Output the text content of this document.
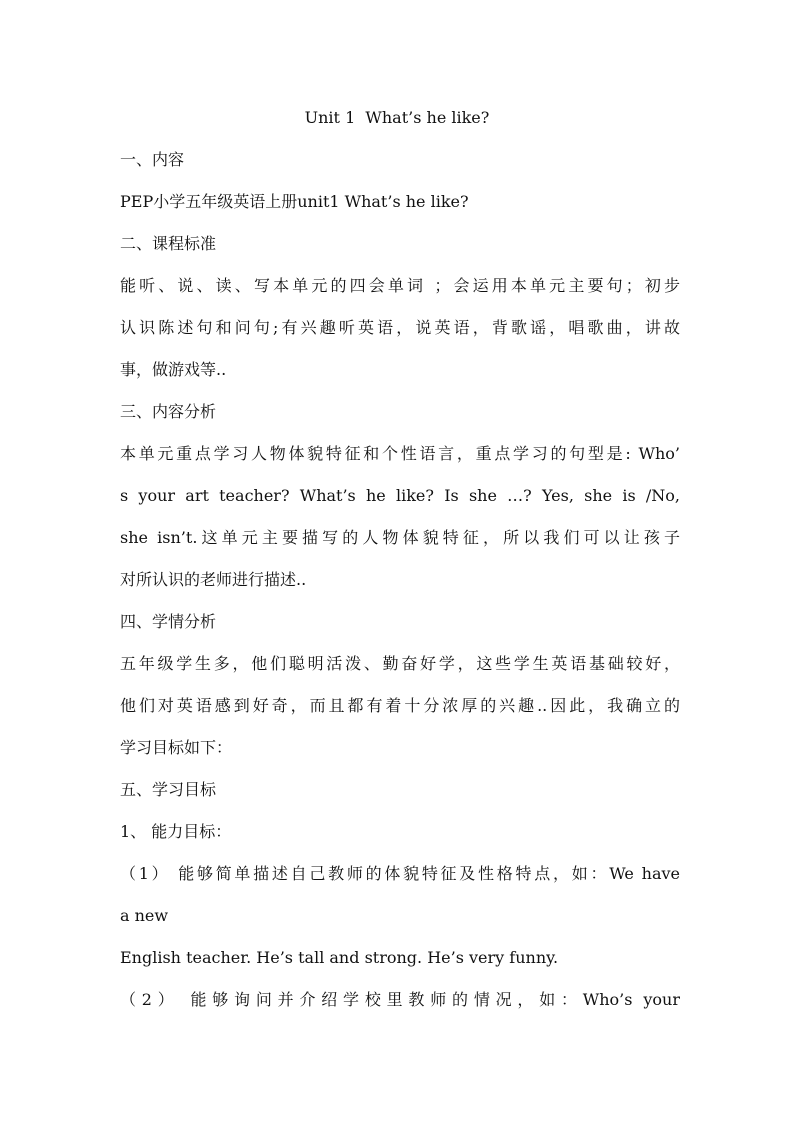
Unit 1  What’s he like?
一、内容
PEP小学五年级英语上册unit1 What’s he like?
二、课程标准
能听、说、读、写本单元的四会单词 ；会运用本单元主要句；初步
认识陈述句和问句;有兴趣听英语，说英语，背歌谣，唱歌曲，讲故
事，做游戏等..
三、内容分析
本单元重点学习人物体貌特征和个性语言，重点学习的句型是: Who’
s your art teacher? What’s he like? Is she …? Yes, she is /No,
she isn’t.这单元主要描写的人物体貌特征，所以我们可以让孩子
对所认识的老师进行描述..
四、学情分析
五年级学生多，他们聪明活泼、勤奋好学，这些学生英语基础较好，
他们对英语感到好奇，而且都有着十分浓厚的兴趣..因此，我确立的
学习目标如下：
五、学习目标
1、 能力目标：
（1） 能够简单描述自己教师的体貌特征及性格特点，如：We have
a new
English teacher. He’s tall and strong. He’s very funny.
（2） 能够询问并介绍学校里教师的情况，如：Who’s your
